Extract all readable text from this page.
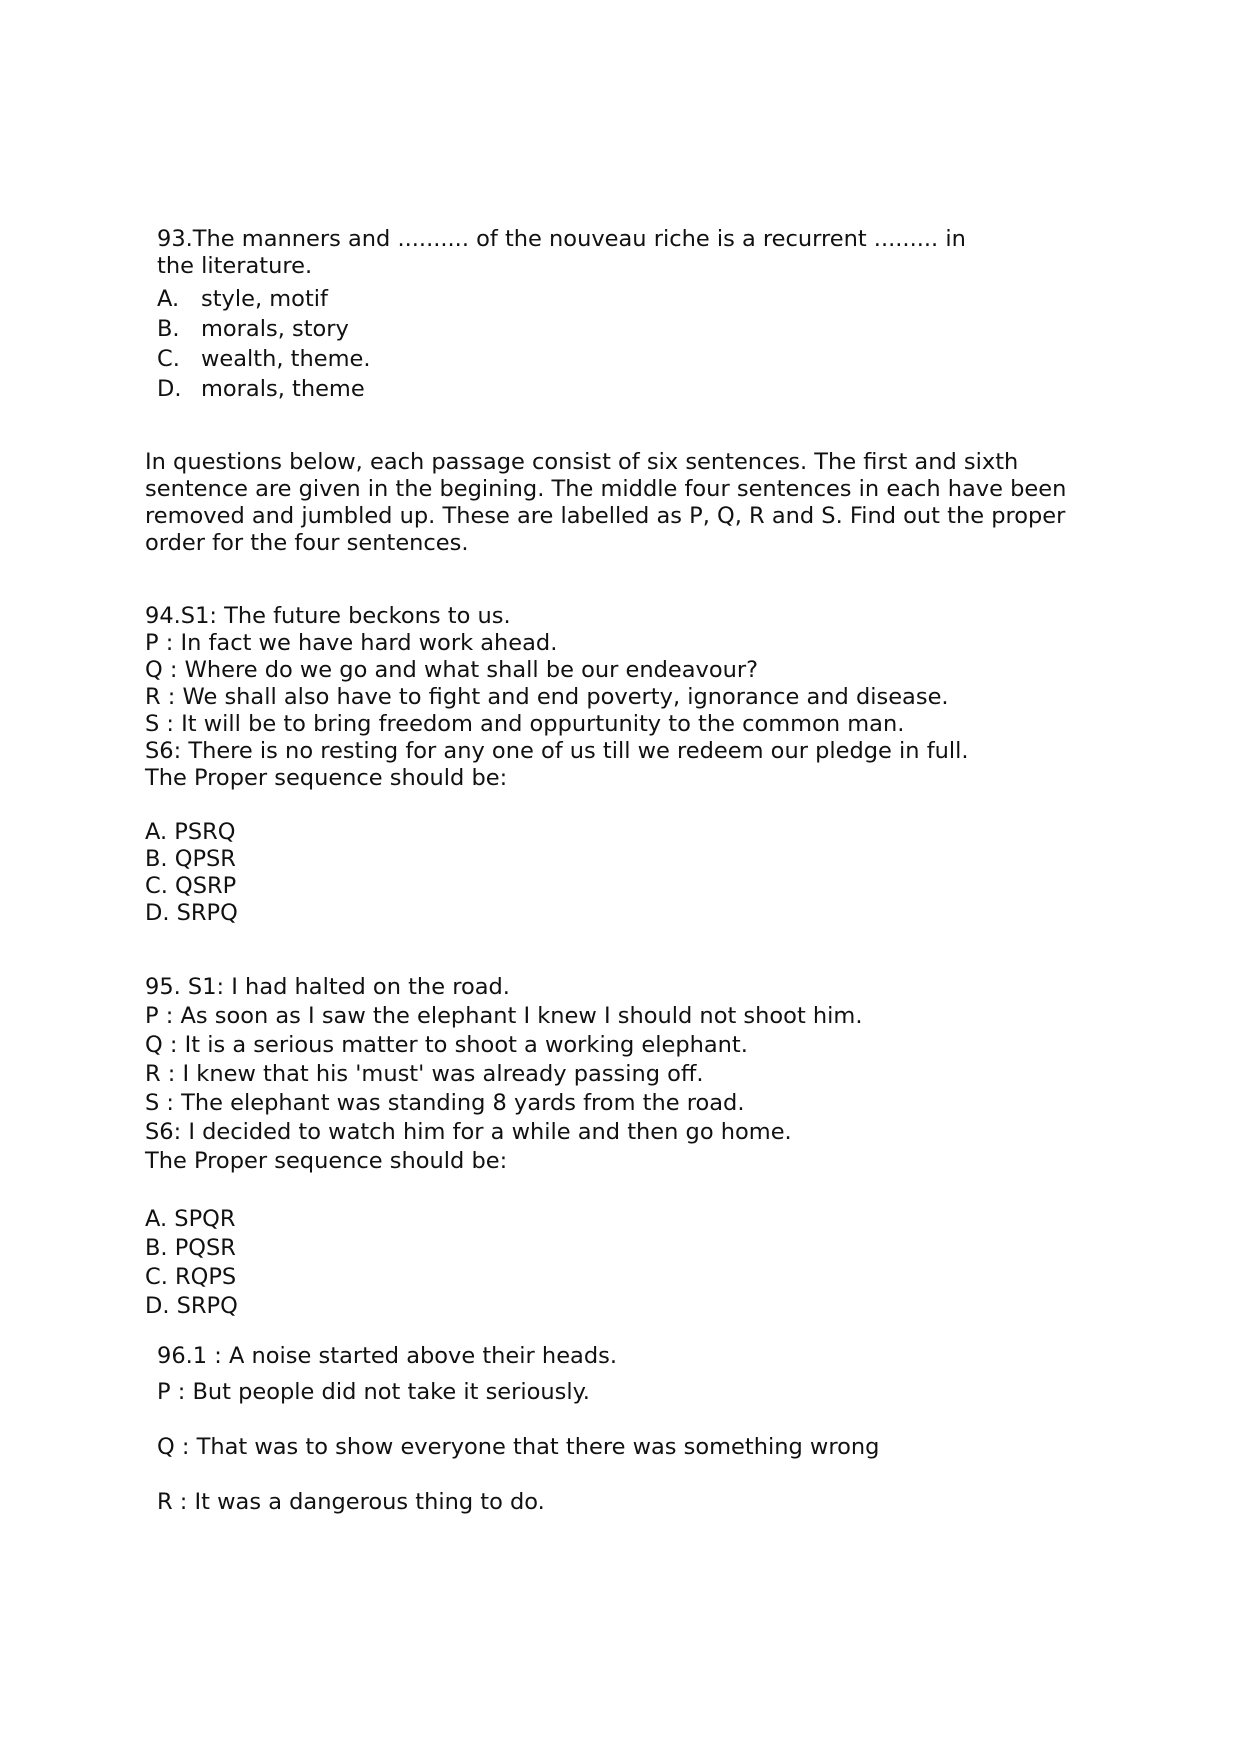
93.The manners and .......... of the nouveau riche is a recurrent ......... in
the literature.
A. style, motif
B. morals, story
C. wealth, theme.
D. morals, theme
In questions below, each passage consist of six sentences. The first and sixth
sentence are given in the begining. The middle four sentences in each have been
removed and jumbled up. These are labelled as P, Q, R and S. Find out the proper
order for the four sentences.
94.S1: The future beckons to us.
P : In fact we have hard work ahead.
Q : Where do we go and what shall be our endeavour?
R : We shall also have to fight and end poverty, ignorance and disease.
S : It will be to bring freedom and oppurtunity to the common man.
S6: There is no resting for any one of us till we redeem our pledge in full.
The Proper sequence should be:
A. PSRQ
B. QPSR
C. QSRP
D. SRPQ
95. S1: I had halted on the road.
P : As soon as I saw the elephant I knew I should not shoot him.
Q : It is a serious matter to shoot a working elephant.
R : I knew that his 'must' was already passing off.
S : The elephant was standing 8 yards from the road.
S6: I decided to watch him for a while and then go home.
The Proper sequence should be:
A. SPQR
B. PQSR
C. RQPS
D. SRPQ
96.1 : A noise started above their heads.
P : But people did not take it seriously.
Q : That was to show everyone that there was something wrong
R : It was a dangerous thing to do.
